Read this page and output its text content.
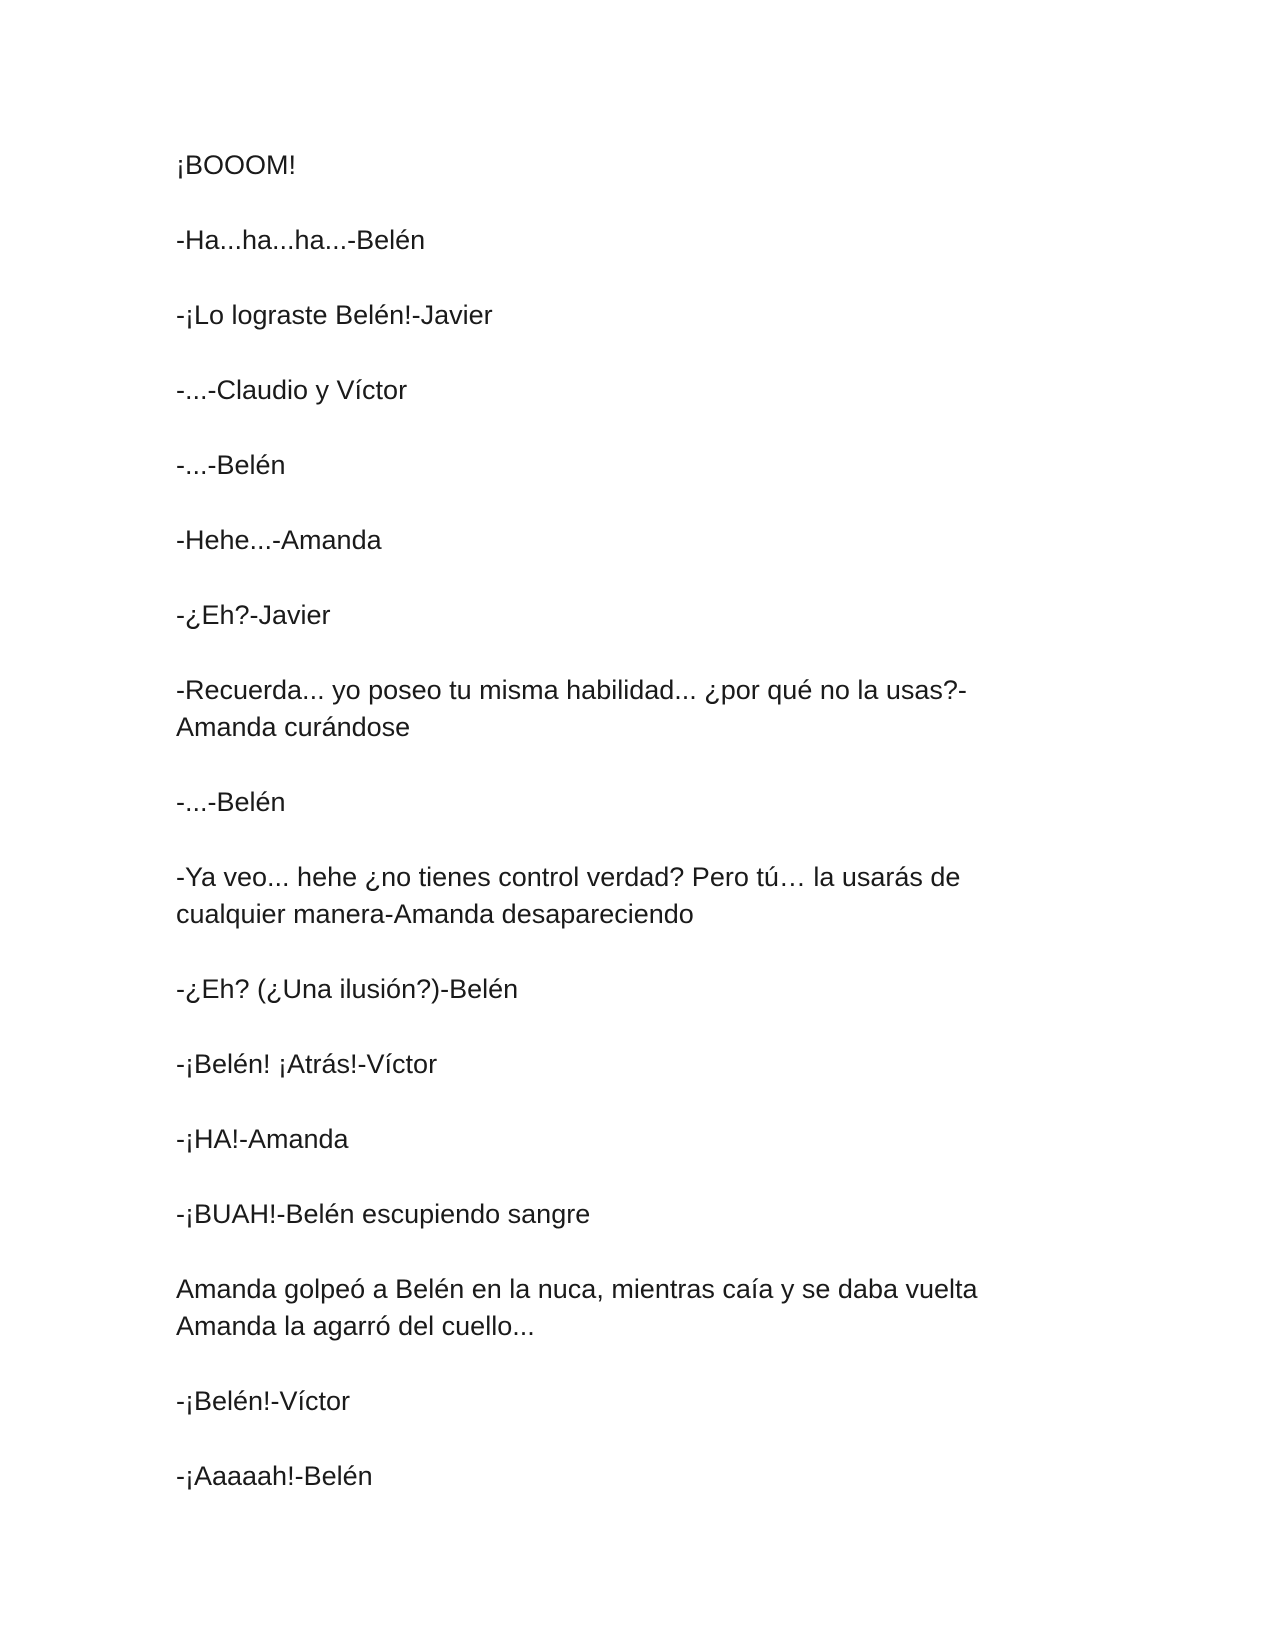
¡BOOOM!

-Ha...ha...ha...-Belén

-¡Lo lograste Belén!-Javier

-...-Claudio y Víctor

-...-Belén

-Hehe...-Amanda

-¿Eh?-Javier

-Recuerda... yo poseo tu misma habilidad... ¿por qué no la usas?-
Amanda curándose

-...-Belén

-Ya veo... hehe ¿no tienes control verdad? Pero tú… la usarás de
cualquier manera-Amanda desapareciendo

-¿Eh? (¿Una ilusión?)-Belén

-¡Belén! ¡Atrás!-Víctor

-¡HA!-Amanda

-¡BUAH!-Belén escupiendo sangre

Amanda golpeó a Belén en la nuca, mientras caía y se daba vuelta
Amanda la agarró del cuello...

-¡Belén!-Víctor

-¡Aaaaah!-Belén
